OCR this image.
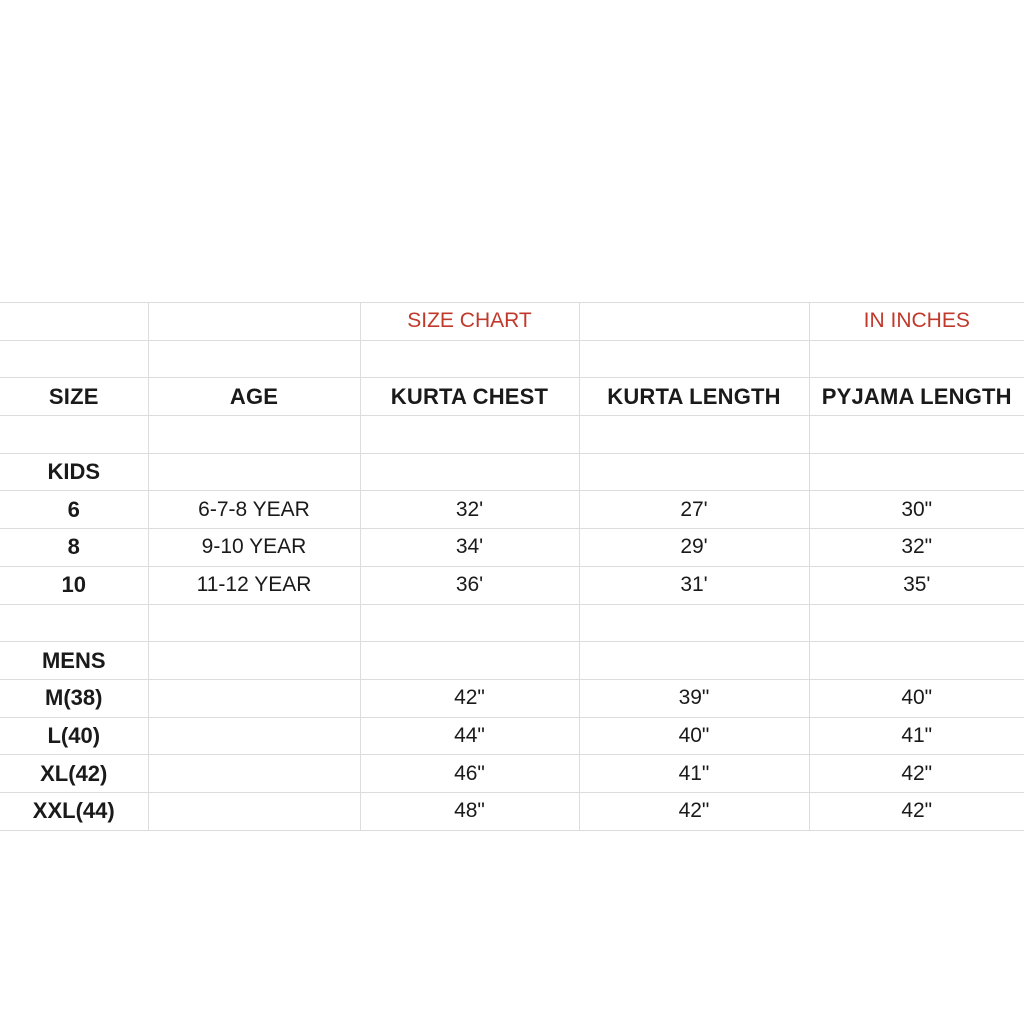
		SIZE CHART		IN INCHES

SIZE	AGE	KURTA CHEST	KURTA LENGTH	PYJAMA LENGTH

KIDS				
6	6-7-8 YEAR	32'	27'	30"
8	9-10 YEAR	34'	29'	32"
10	11-12 YEAR	36'	31'	35'

MENS				
M(38)		42"	39"	40"
L(40)		44"	40"	41"
XL(42)		46"	41"	42"
XXL(44)		48"	42"	42"
